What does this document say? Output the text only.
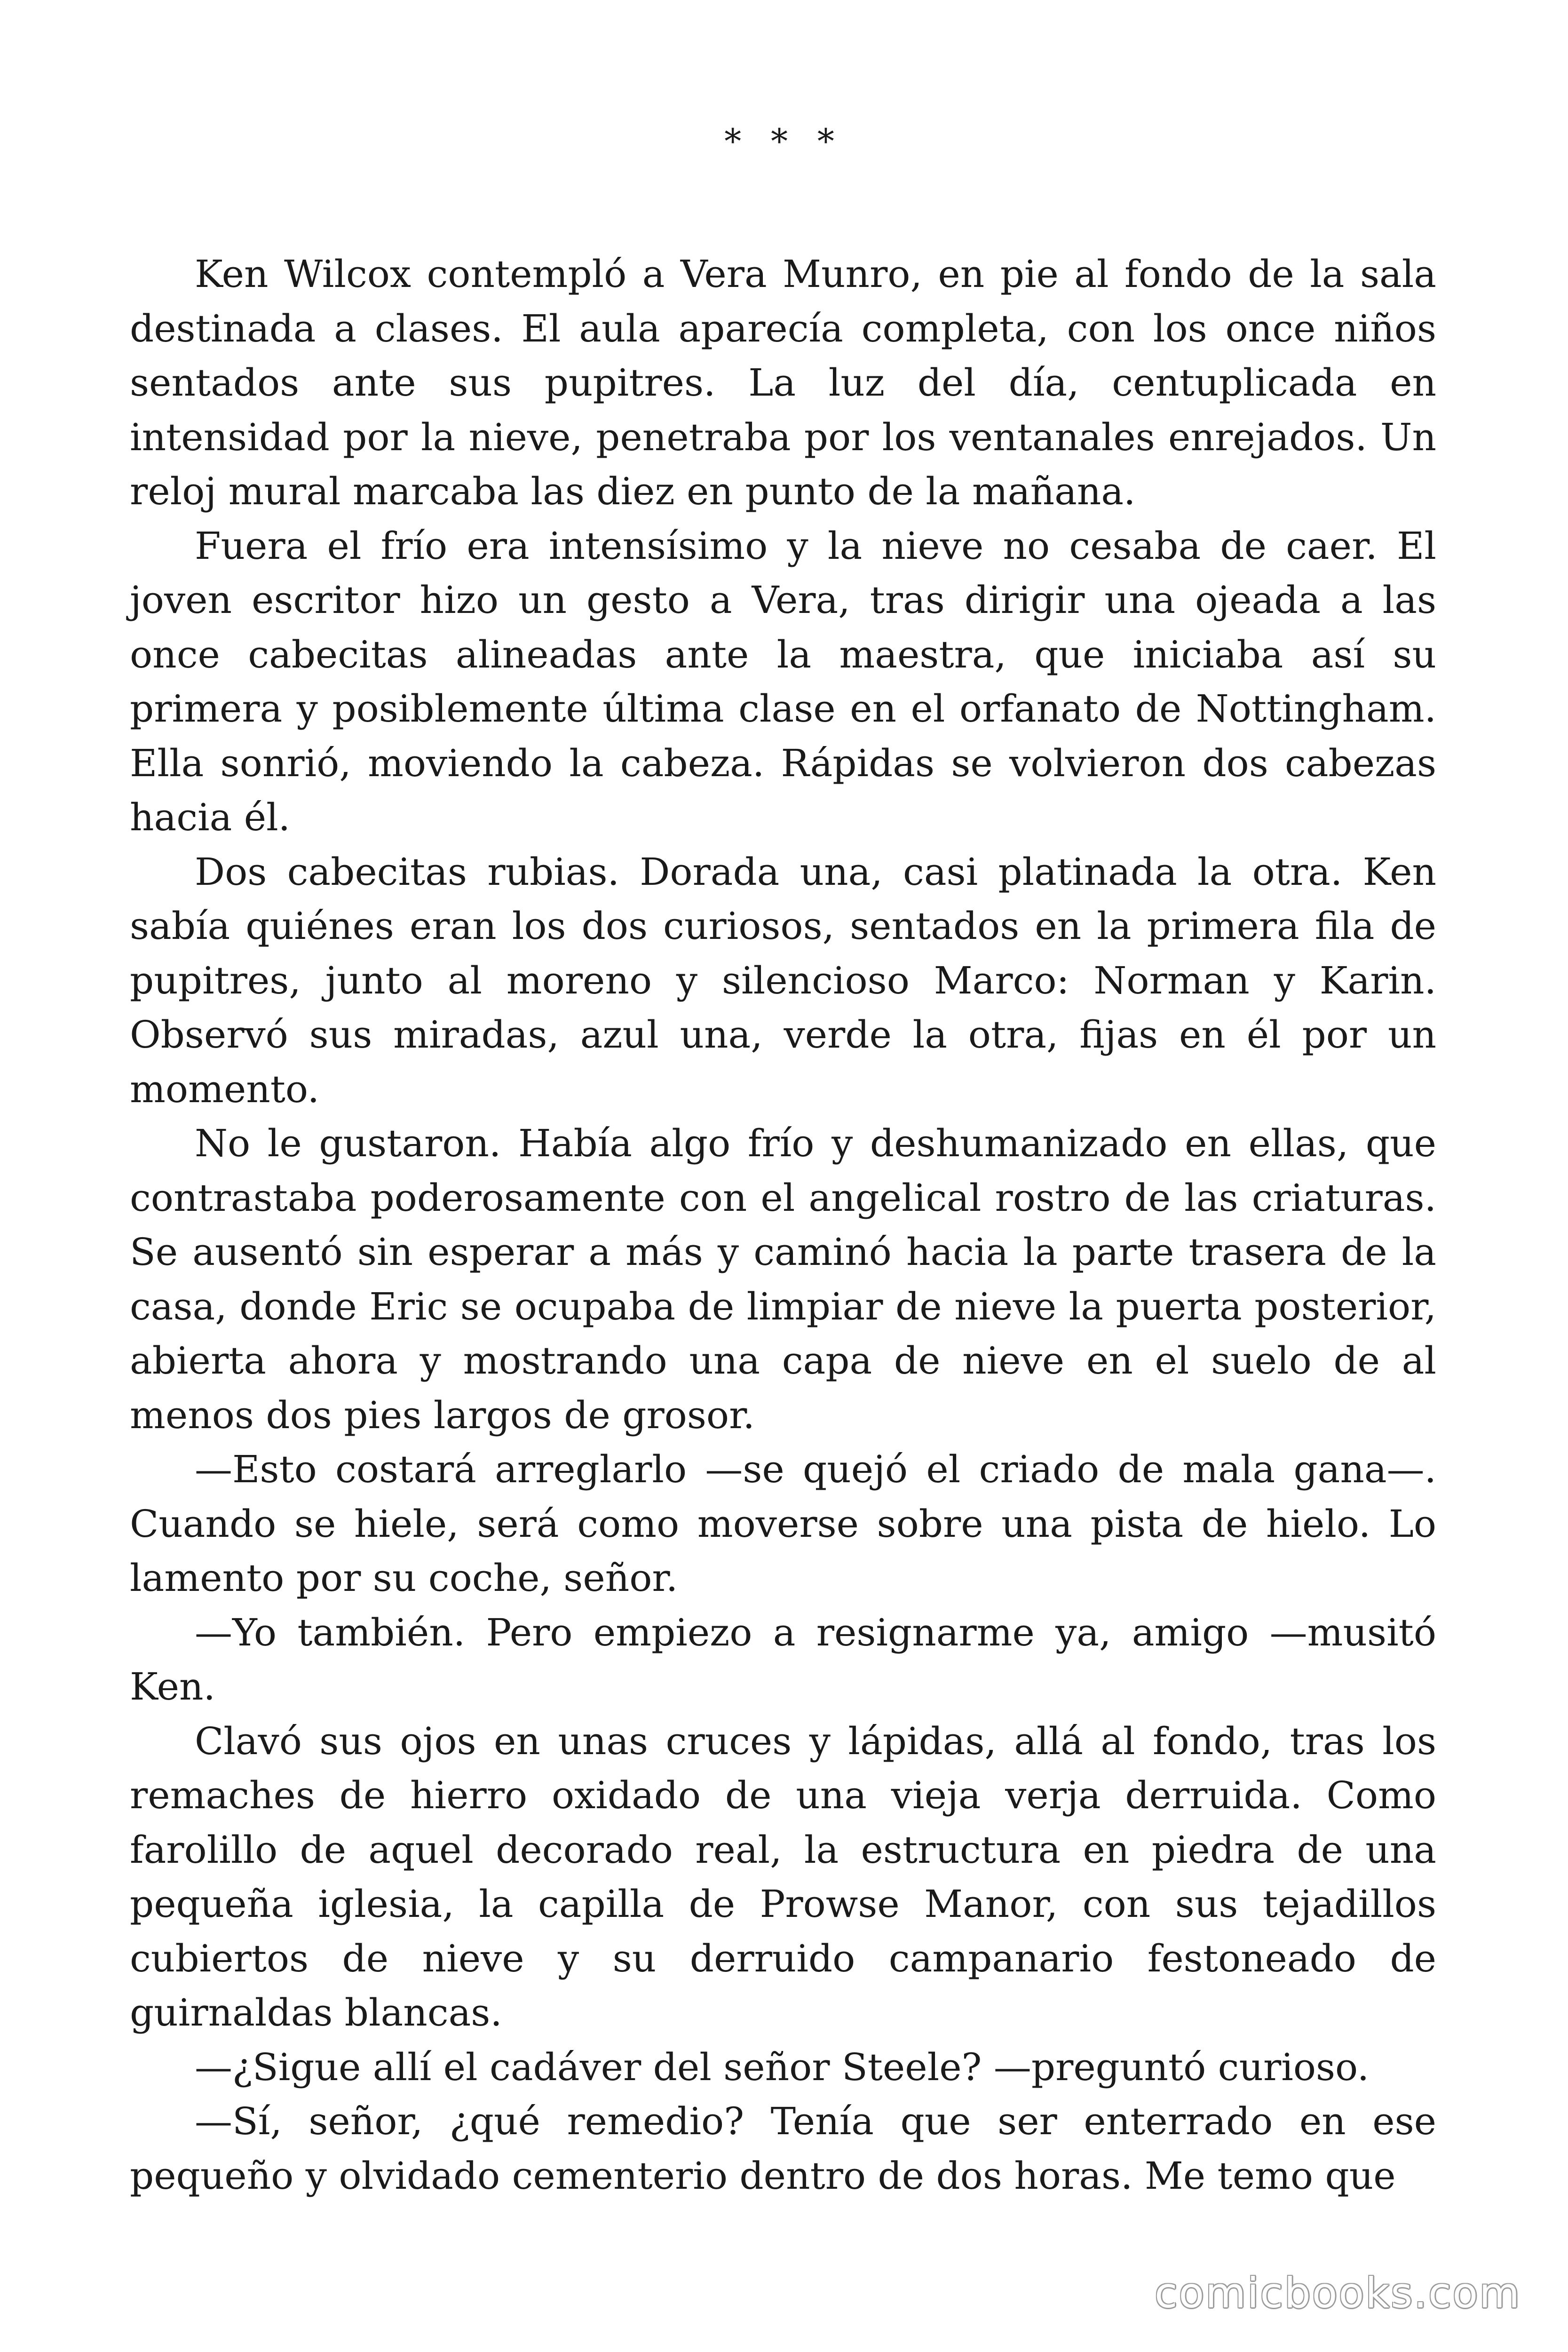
* * *

Ken Wilcox contempló a Vera Munro, en pie al fondo de la sala destinada a clases. El aula aparecía completa, con los once niños sentados ante sus pupitres. La luz del día, centuplicada en intensidad por la nieve, penetraba por los ventanales enrejados. Un reloj mural marcaba las diez en punto de la mañana.

Fuera el frío era intensísimo y la nieve no cesaba de caer. El joven escritor hizo un gesto a Vera, tras dirigir una ojeada a las once cabecitas alineadas ante la maestra, que iniciaba así su primera y posiblemente última clase en el orfanato de Nottingham. Ella sonrió, moviendo la cabeza. Rápidas se volvieron dos cabezas hacia él.

Dos cabecitas rubias. Dorada una, casi platinada la otra. Ken sabía quiénes eran los dos curiosos, sentados en la primera fila de pupitres, junto al moreno y silencioso Marco: Norman y Karin. Observó sus miradas, azul una, verde la otra, fijas en él por un momento.

No le gustaron. Había algo frío y deshumanizado en ellas, que contrastaba poderosamente con el angelical rostro de las criaturas. Se ausentó sin esperar a más y caminó hacia la parte trasera de la casa, donde Eric se ocupaba de limpiar de nieve la puerta posterior, abierta ahora y mostrando una capa de nieve en el suelo de al menos dos pies largos de grosor.

—Esto costará arreglarlo —se quejó el criado de mala gana—. Cuando se hiele, será como moverse sobre una pista de hielo. Lo lamento por su coche, señor.

—Yo también. Pero empiezo a resignarme ya, amigo —musitó Ken.

Clavó sus ojos en unas cruces y lápidas, allá al fondo, tras los remaches de hierro oxidado de una vieja verja derruida. Como farolillo de aquel decorado real, la estructura en piedra de una pequeña iglesia, la capilla de Prowse Manor, con sus tejadillos cubiertos de nieve y su derruido campanario festoneado de guirnaldas blancas.

—¿Sigue allí el cadáver del señor Steele? —preguntó curioso.

—Sí, señor, ¿qué remedio? Tenía que ser enterrado en ese pequeño y olvidado cementerio dentro de dos horas. Me temo que

comicbooks.com
